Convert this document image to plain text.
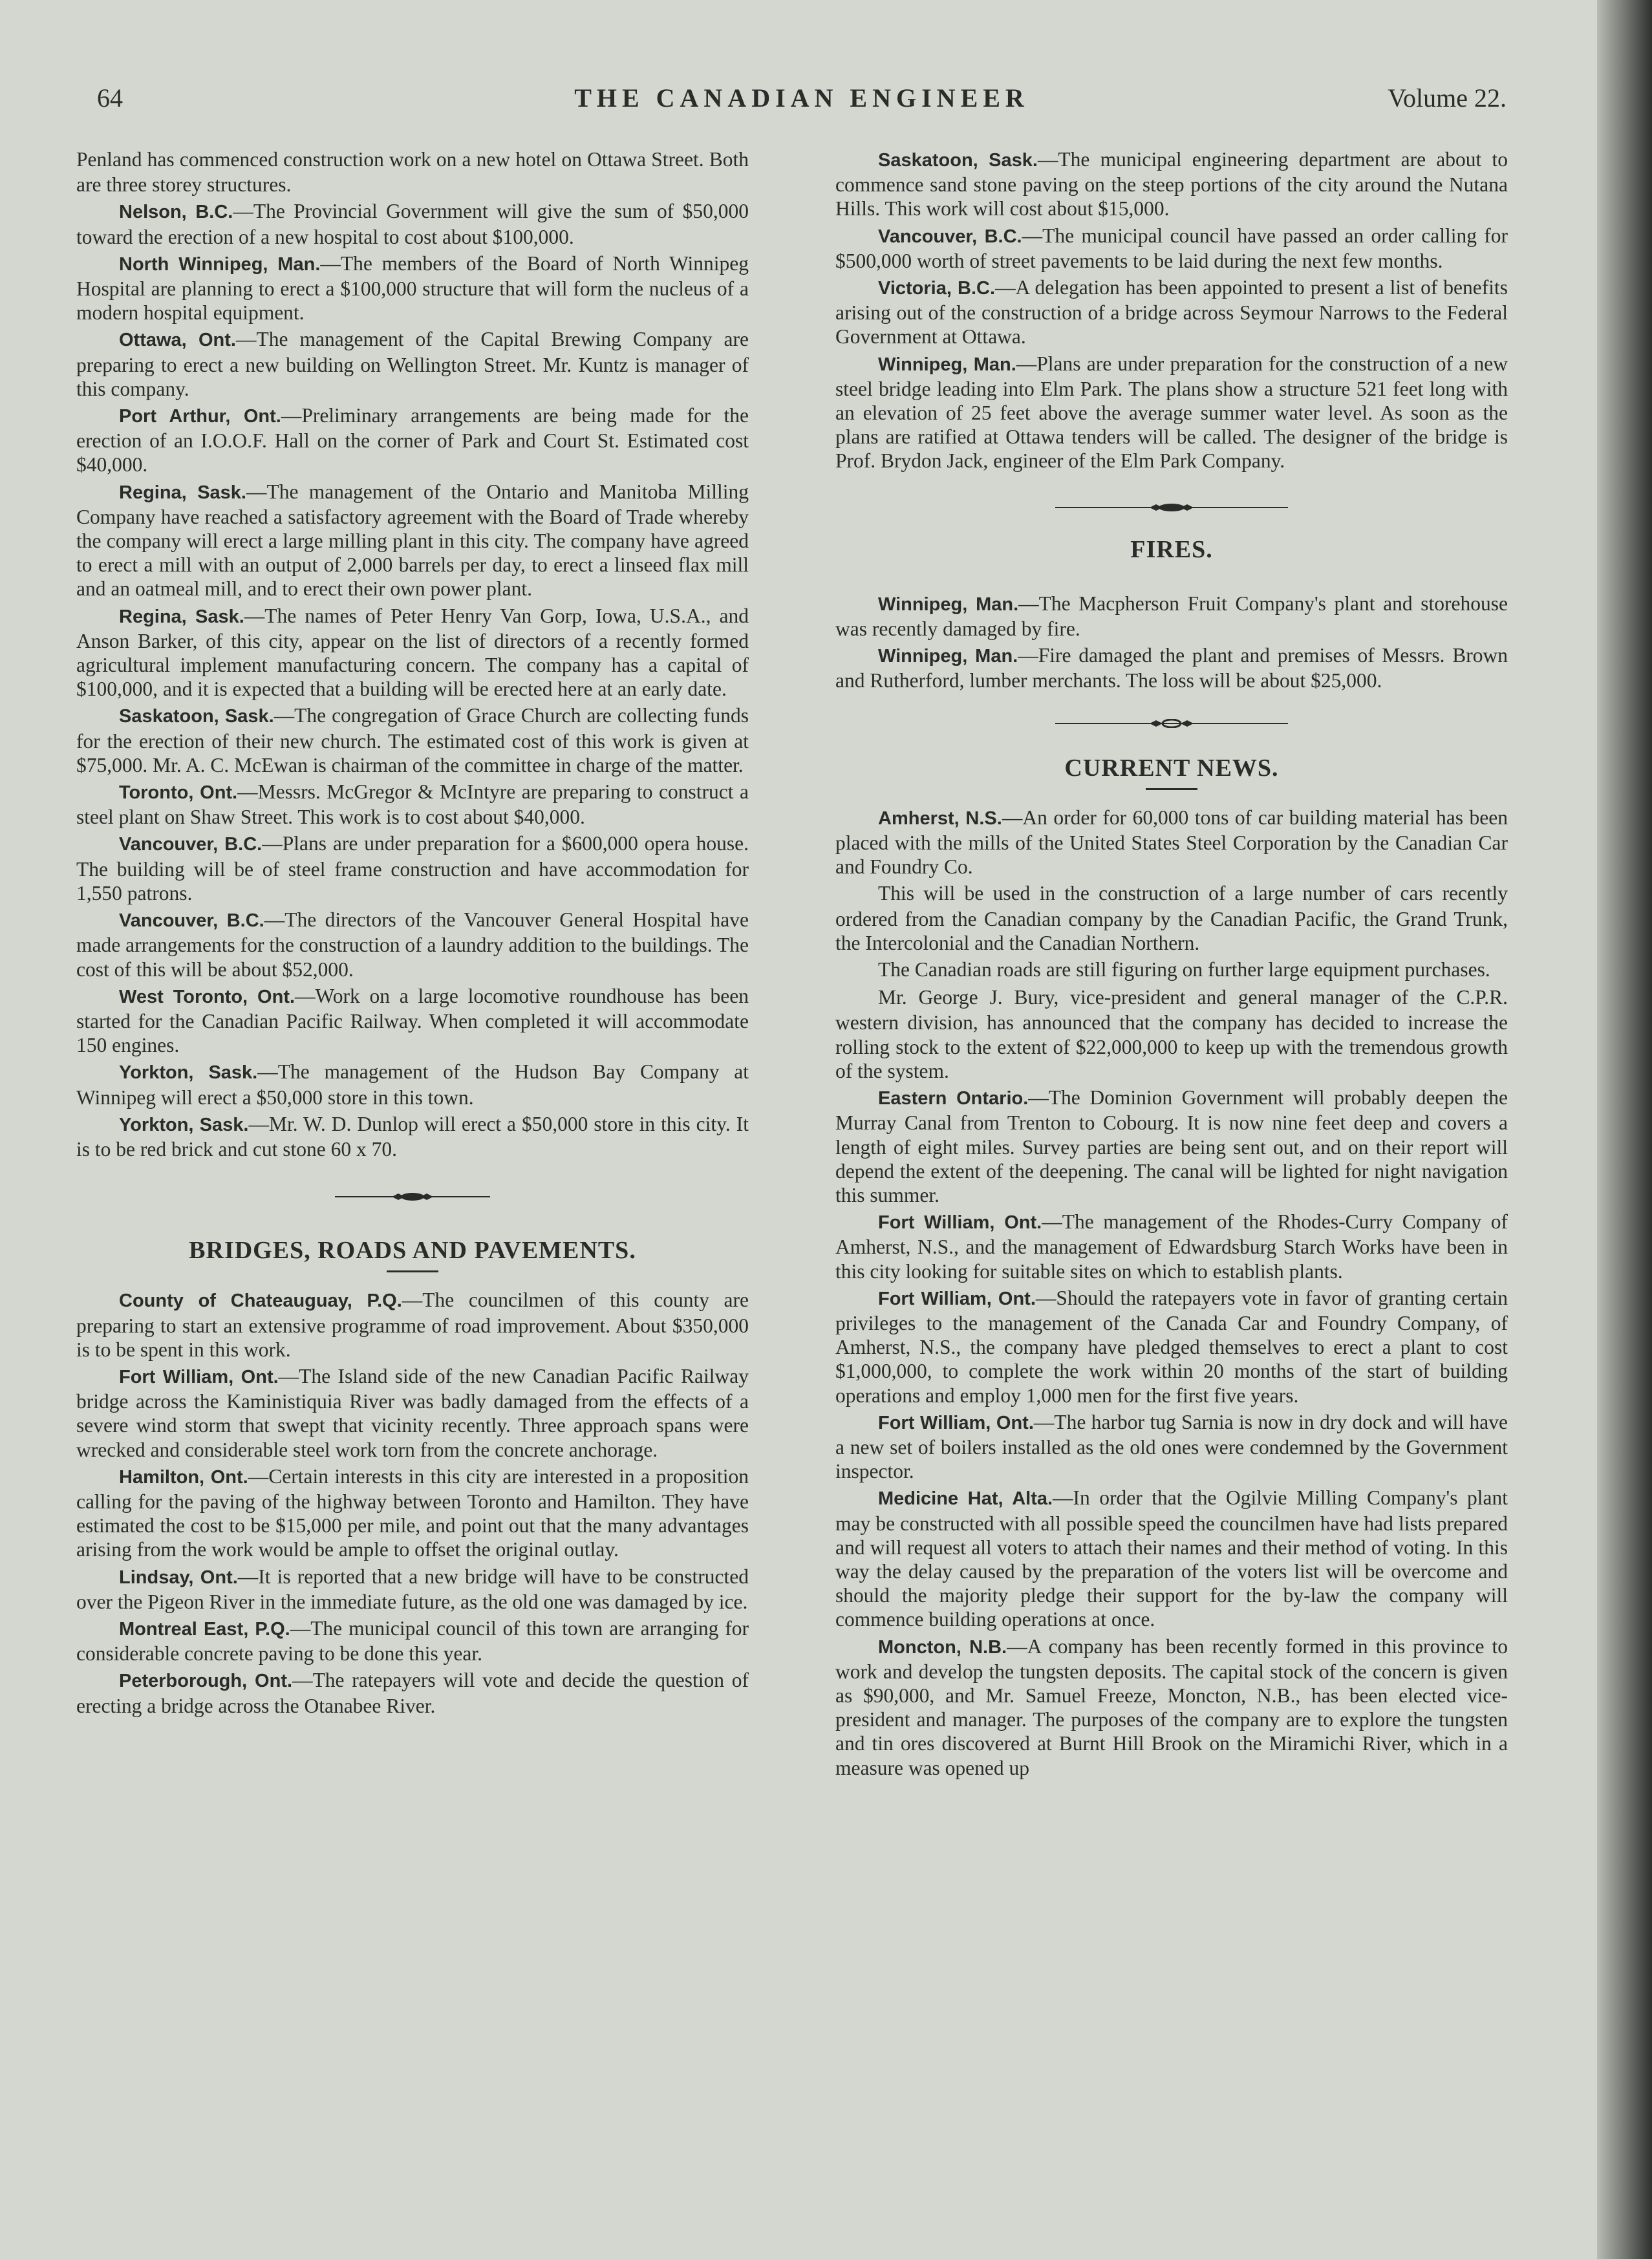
64	THE CANADIAN ENGINEER	Volume 22.

Penland has commenced construction work on a new hotel on Ottawa Street. Both are three storey structures.

Nelson, B.C.—The Provincial Government will give the sum of $50,000 toward the erection of a new hospital to cost about $100,000.

North Winnipeg, Man.—The members of the Board of North Winnipeg Hospital are planning to erect a $100,000 structure that will form the nucleus of a modern hospital equipment.

Ottawa, Ont.—The management of the Capital Brewing Company are preparing to erect a new building on Wellington Street. Mr. Kuntz is manager of this company.

Port Arthur, Ont.—Preliminary arrangements are being made for the erection of an I.O.O.F. Hall on the corner of Park and Court St. Estimated cost $40,000.

Regina, Sask.—The management of the Ontario and Manitoba Milling Company have reached a satisfactory agreement with the Board of Trade whereby the company will erect a large milling plant in this city. The company have agreed to erect a mill with an output of 2,000 barrels per day, to erect a linseed flax mill and an oatmeal mill, and to erect their own power plant.

Regina, Sask.—The names of Peter Henry Van Gorp, Iowa, U.S.A., and Anson Barker, of this city, appear on the list of directors of a recently formed agricultural implement manufacturing concern. The company has a capital of $100,000, and it is expected that a building will be erected here at an early date.

Saskatoon, Sask.—The congregation of Grace Church are collecting funds for the erection of their new church. The estimated cost of this work is given at $75,000. Mr. A. C. McEwan is chairman of the committee in charge of the matter.

Toronto, Ont.—Messrs. McGregor & McIntyre are preparing to construct a steel plant on Shaw Street. This work is to cost about $40,000.

Vancouver, B.C.—Plans are under preparation for a $600,000 opera house. The building will be of steel frame construction and have accommodation for 1,550 patrons.

Vancouver, B.C.—The directors of the Vancouver General Hospital have made arrangements for the construction of a laundry addition to the buildings. The cost of this will be about $52,000.

West Toronto, Ont.—Work on a large locomotive roundhouse has been started for the Canadian Pacific Railway. When completed it will accommodate 150 engines.

Yorkton, Sask.—The management of the Hudson Bay Company at Winnipeg will erect a $50,000 store in this town.

Yorkton, Sask.—Mr. W. D. Dunlop will erect a $50,000 store in this city. It is to be red brick and cut stone 60 x 70.

BRIDGES, ROADS AND PAVEMENTS.

County of Chateauguay, P.Q.—The councilmen of this county are preparing to start an extensive programme of road improvement. About $350,000 is to be spent in this work.

Fort William, Ont.—The Island side of the new Canadian Pacific Railway bridge across the Kaministiquia River was badly damaged from the effects of a severe wind storm that swept that vicinity recently. Three approach spans were wrecked and considerable steel work torn from the concrete anchorage.

Hamilton, Ont.—Certain interests in this city are interested in a proposition calling for the paving of the highway between Toronto and Hamilton. They have estimated the cost to be $15,000 per mile, and point out that the many advantages arising from the work would be ample to offset the original outlay.

Lindsay, Ont.—It is reported that a new bridge will have to be constructed over the Pigeon River in the immediate future, as the old one was damaged by ice.

Montreal East, P.Q.—The municipal council of this town are arranging for considerable concrete paving to be done this year.

Peterborough, Ont.—The ratepayers will vote and decide the question of erecting a bridge across the Otanabee River.

Saskatoon, Sask.—The municipal engineering department are about to commence sand stone paving on the steep portions of the city around the Nutana Hills. This work will cost about $15,000.

Vancouver, B.C.—The municipal council have passed an order calling for $500,000 worth of street pavements to be laid during the next few months.

Victoria, B.C.—A delegation has been appointed to present a list of benefits arising out of the construction of a bridge across Seymour Narrows to the Federal Government at Ottawa.

Winnipeg, Man.—Plans are under preparation for the construction of a new steel bridge leading into Elm Park. The plans show a structure 521 feet long with an elevation of 25 feet above the average summer water level. As soon as the plans are ratified at Ottawa tenders will be called. The designer of the bridge is Prof. Brydon Jack, engineer of the Elm Park Company.

FIRES.

Winnipeg, Man.—The Macpherson Fruit Company's plant and storehouse was recently damaged by fire.

Winnipeg, Man.—Fire damaged the plant and premises of Messrs. Brown and Rutherford, lumber merchants. The loss will be about $25,000.

CURRENT NEWS.

Amherst, N.S.—An order for 60,000 tons of car building material has been placed with the mills of the United States Steel Corporation by the Canadian Car and Foundry Co.

This will be used in the construction of a large number of cars recently ordered from the Canadian company by the Canadian Pacific, the Grand Trunk, the Intercolonial and the Canadian Northern.

The Canadian roads are still figuring on further large equipment purchases.

Mr. George J. Bury, vice-president and general manager of the C.P.R. western division, has announced that the company has decided to increase the rolling stock to the extent of $22,000,000 to keep up with the tremendous growth of the system.

Eastern Ontario.—The Dominion Government will probably deepen the Murray Canal from Trenton to Cobourg. It is now nine feet deep and covers a length of eight miles. Survey parties are being sent out, and on their report will depend the extent of the deepening. The canal will be lighted for night navigation this summer.

Fort William, Ont.—The management of the Rhodes-Curry Company of Amherst, N.S., and the management of Edwardsburg Starch Works have been in this city looking for suitable sites on which to establish plants.

Fort William, Ont.—Should the ratepayers vote in favor of granting certain privileges to the management of the Canada Car and Foundry Company, of Amherst, N.S., the company have pledged themselves to erect a plant to cost $1,000,000, to complete the work within 20 months of the start of building operations and employ 1,000 men for the first five years.

Fort William, Ont.—The harbor tug Sarnia is now in dry dock and will have a new set of boilers installed as the old ones were condemned by the Government inspector.

Medicine Hat, Alta.—In order that the Ogilvie Milling Company's plant may be constructed with all possible speed the councilmen have had lists prepared and will request all voters to attach their names and their method of voting. In this way the delay caused by the preparation of the voters list will be overcome and should the majority pledge their support for the by-law the company will commence building operations at once.

Moncton, N.B.—A company has been recently formed in this province to work and develop the tungsten deposits. The capital stock of the concern is given as $90,000, and Mr. Samuel Freeze, Moncton, N.B., has been elected vice-president and manager. The purposes of the company are to explore the tungsten and tin ores discovered at Burnt Hill Brook on the Miramichi River, which in a measure was opened up
